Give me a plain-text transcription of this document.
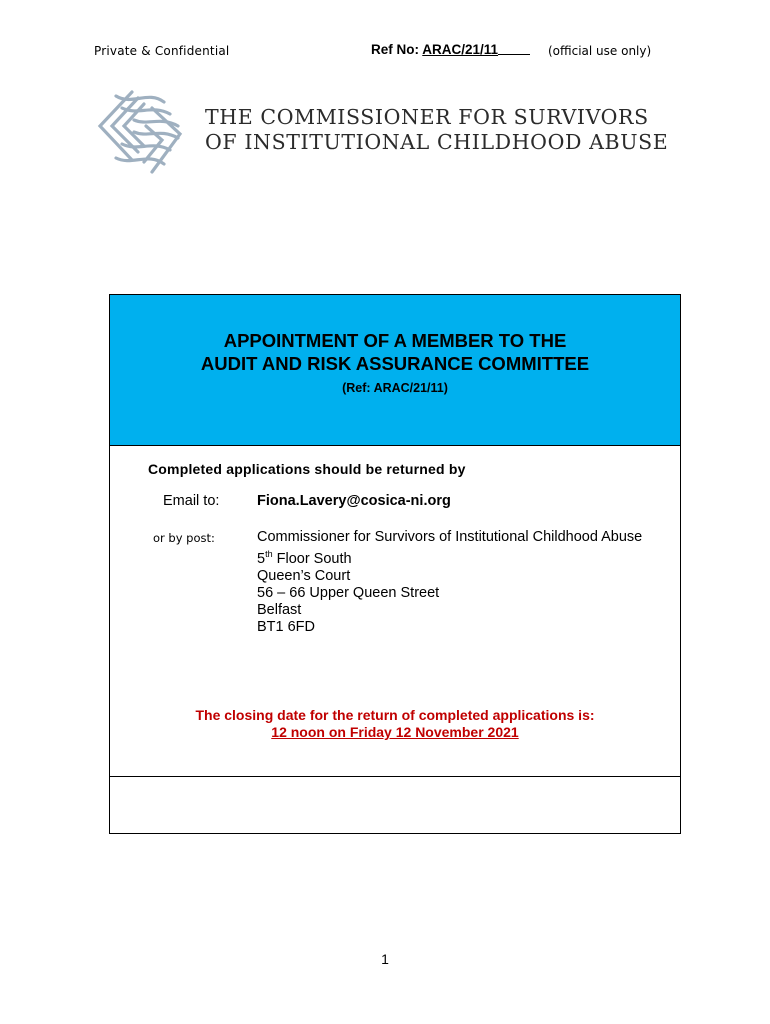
Private & Confidential	Ref No: ARAC/21/11	(official use only)
THE COMMISSIONER FOR SURVIVORS
OF INSTITUTIONAL CHILDHOOD ABUSE
APPOINTMENT OF A MEMBER TO THE
AUDIT AND RISK ASSURANCE COMMITTEE
(Ref: ARAC/21/11)
Completed applications should be returned by
Email to:	Fiona.Lavery@cosica-ni.org
or by post:	Commissioner for Survivors of Institutional Childhood Abuse
5th Floor South
Queen’s Court
56 – 66 Upper Queen Street
Belfast
BT1 6FD
The closing date for the return of completed applications is:
12 noon on Friday 12 November 2021
1
